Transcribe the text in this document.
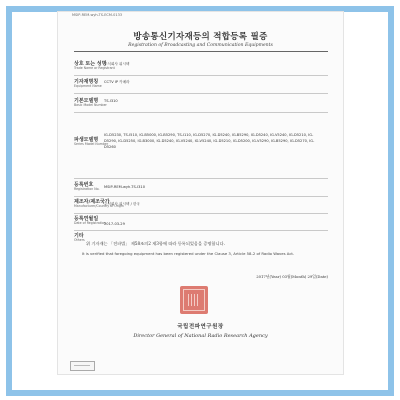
MSIP-REM-wyh-TS-ECM-0133
방송통신기자재등의 적합등록 필증
Registration of Broadcasting and Communication Equipments
상호 또는 성명
Trade Name or Registrant
주식회사 위시텍
기자재명칭
Equipment Name
CCTV IP 카메라
기본모델명
Basic Model Number
TS-I310
파생모델명
Series Model Number
IG-D5230, TS-I510, IG-B5000, IG-B5290, TS-I110, IG-D5270, IG-D5240, IG-B5290, IG-D5240, IG-V5240, IG-D5210, IG-D5290, IG-D5250, IG-B3000, IG-D5240, IG-V5240, IG-V5240, IG-D5210, IG-D5200, IG-V5290, IG-B5290, IG-D5270, IG-D5260
등록번호
Registration No. MSIP-REM-wyh-TS-I310
제조자/제조국가
Manufacturer/Country of Origin
주식회사 위시텍 / 한국
등록연월일
Date of Registration
2017-03-29
기타
Others
위 기자재는 「전파법」 제58조의2 제3항에 따라 등록되었음을 증명합니다.
It is verified that foregoing equipment has been registered under the Clause 3, Article 58-2 of Radio Waves Act.
2017년(Year) 03월(Month) 29일(Date)
국립전파연구원장
Director General of National Radio Research Agency
